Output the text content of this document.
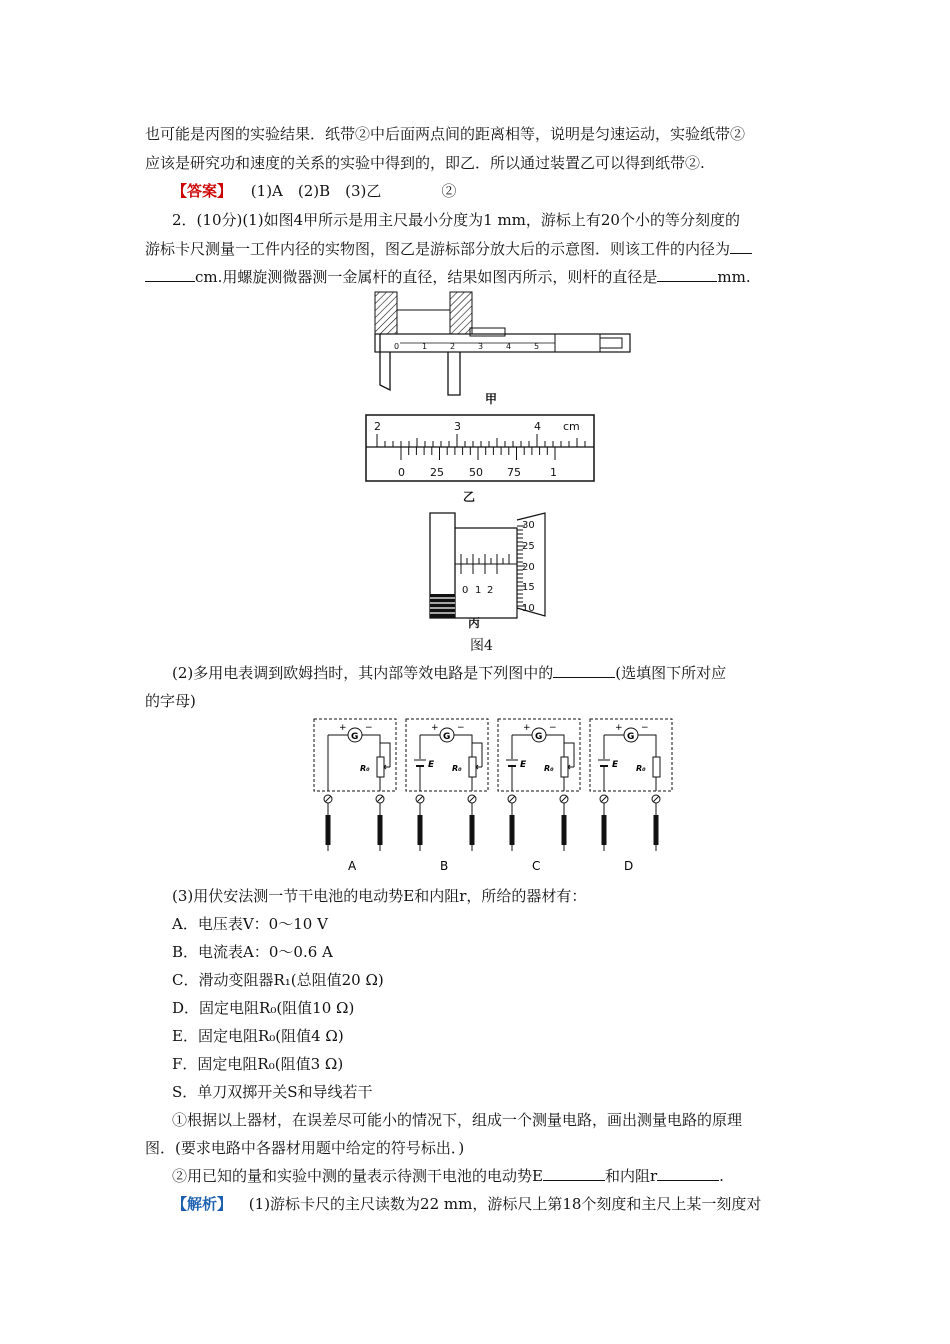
也可能是丙图的实验结果．纸带②中后面两点间的距离相等，说明是匀速运动，实验纸带②
应该是研究功和速度的关系的实验中得到的，即乙．所以通过装置乙可以得到纸带②.
【答案】 (1)A　(2)B　(3)乙　　　　②
2．(10分)(1)如图4甲所示是用主尺最小分度为1 mm，游标上有20个小的等分刻度的
游标卡尺测量一工件内径的实物图，图乙是游标部分放大后的示意图．则该工件的内径为
cm.用螺旋测微器测一金属杆的直径，结果如图丙所示，则杆的直径是	mm.
0	1	2	3	4	5
甲
2	3	4 cm
0 25 50 75	1
乙
0 1 2
30
25
20
15
10
丙
图4
(2)多用电表调到欧姆挡时，其内部等效电路是下列图中的	(选填图下所对应
的字母)
G
+ −
R₀
A
G
+ −
R₀
E
B
G
+ −
R₀
E
C
G
+ −
R₀
E
D
(3)用伏安法测一节干电池的电动势E和内阻r，所给的器材有：
A．电压表V：0～10 V
B．电流表A：0～0.6 A
C．滑动变阻器R₁(总阻值20 Ω)
D．固定电阻R₀(阻值10 Ω)
E．固定电阻R₀(阻值4 Ω)
F．固定电阻R₀(阻值3 Ω)
S．单刀双掷开关S和导线若干
①根据以上器材，在误差尽可能小的情况下，组成一个测量电路，画出测量电路的原理
图．(要求电路中各器材用题中给定的符号标出．)
②用已知的量和实验中测的量表示待测干电池的电动势E	和内阻r	.
【解析】 (1)游标卡尺的主尺读数为22 mm，游标尺上第18个刻度和主尺上某一刻度对
